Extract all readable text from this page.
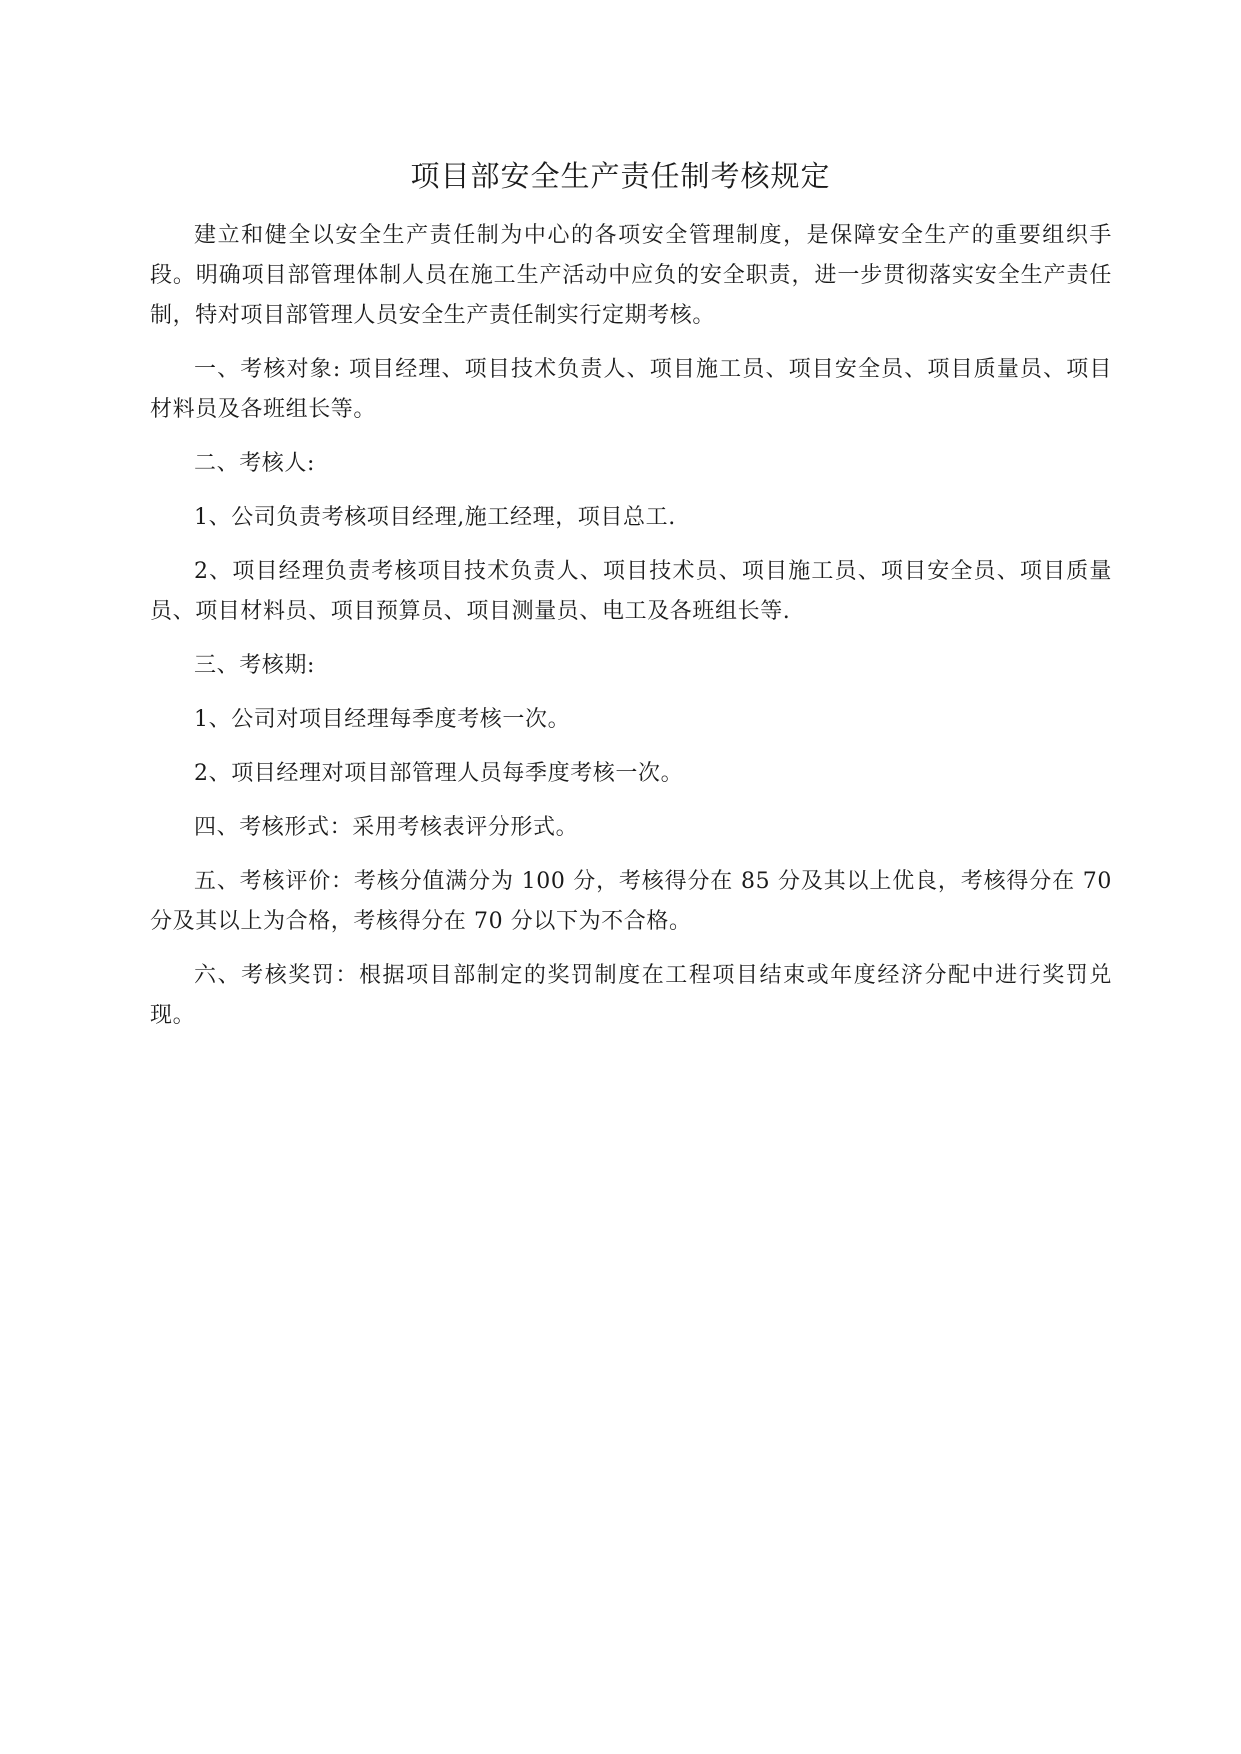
项目部安全生产责任制考核规定

建立和健全以安全生产责任制为中心的各项安全管理制度，是保障安全生产的重要组织手段。明确项目部管理体制人员在施工生产活动中应负的安全职责，进一步贯彻落实安全生产责任制，特对项目部管理人员安全生产责任制实行定期考核。

一、考核对象: 项目经理、项目技术负责人、项目施工员、项目安全员、项目质量员、项目材料员及各班组长等。

二、考核人:

1、公司负责考核项目经理,施工经理，项目总工.

2、项目经理负责考核项目技术负责人、项目技术员、项目施工员、项目安全员、项目质量员、项目材料员、项目预算员、项目测量员、电工及各班组长等.

三、考核期:

1、公司对项目经理每季度考核一次。

2、项目经理对项目部管理人员每季度考核一次。

四、考核形式：采用考核表评分形式。

五、考核评价：考核分值满分为 100 分，考核得分在 85 分及其以上优良，考核得分在 70 分及其以上为合格，考核得分在 70 分以下为不合格。

六、考核奖罚：根据项目部制定的奖罚制度在工程项目结束或年度经济分配中进行奖罚兑现。
